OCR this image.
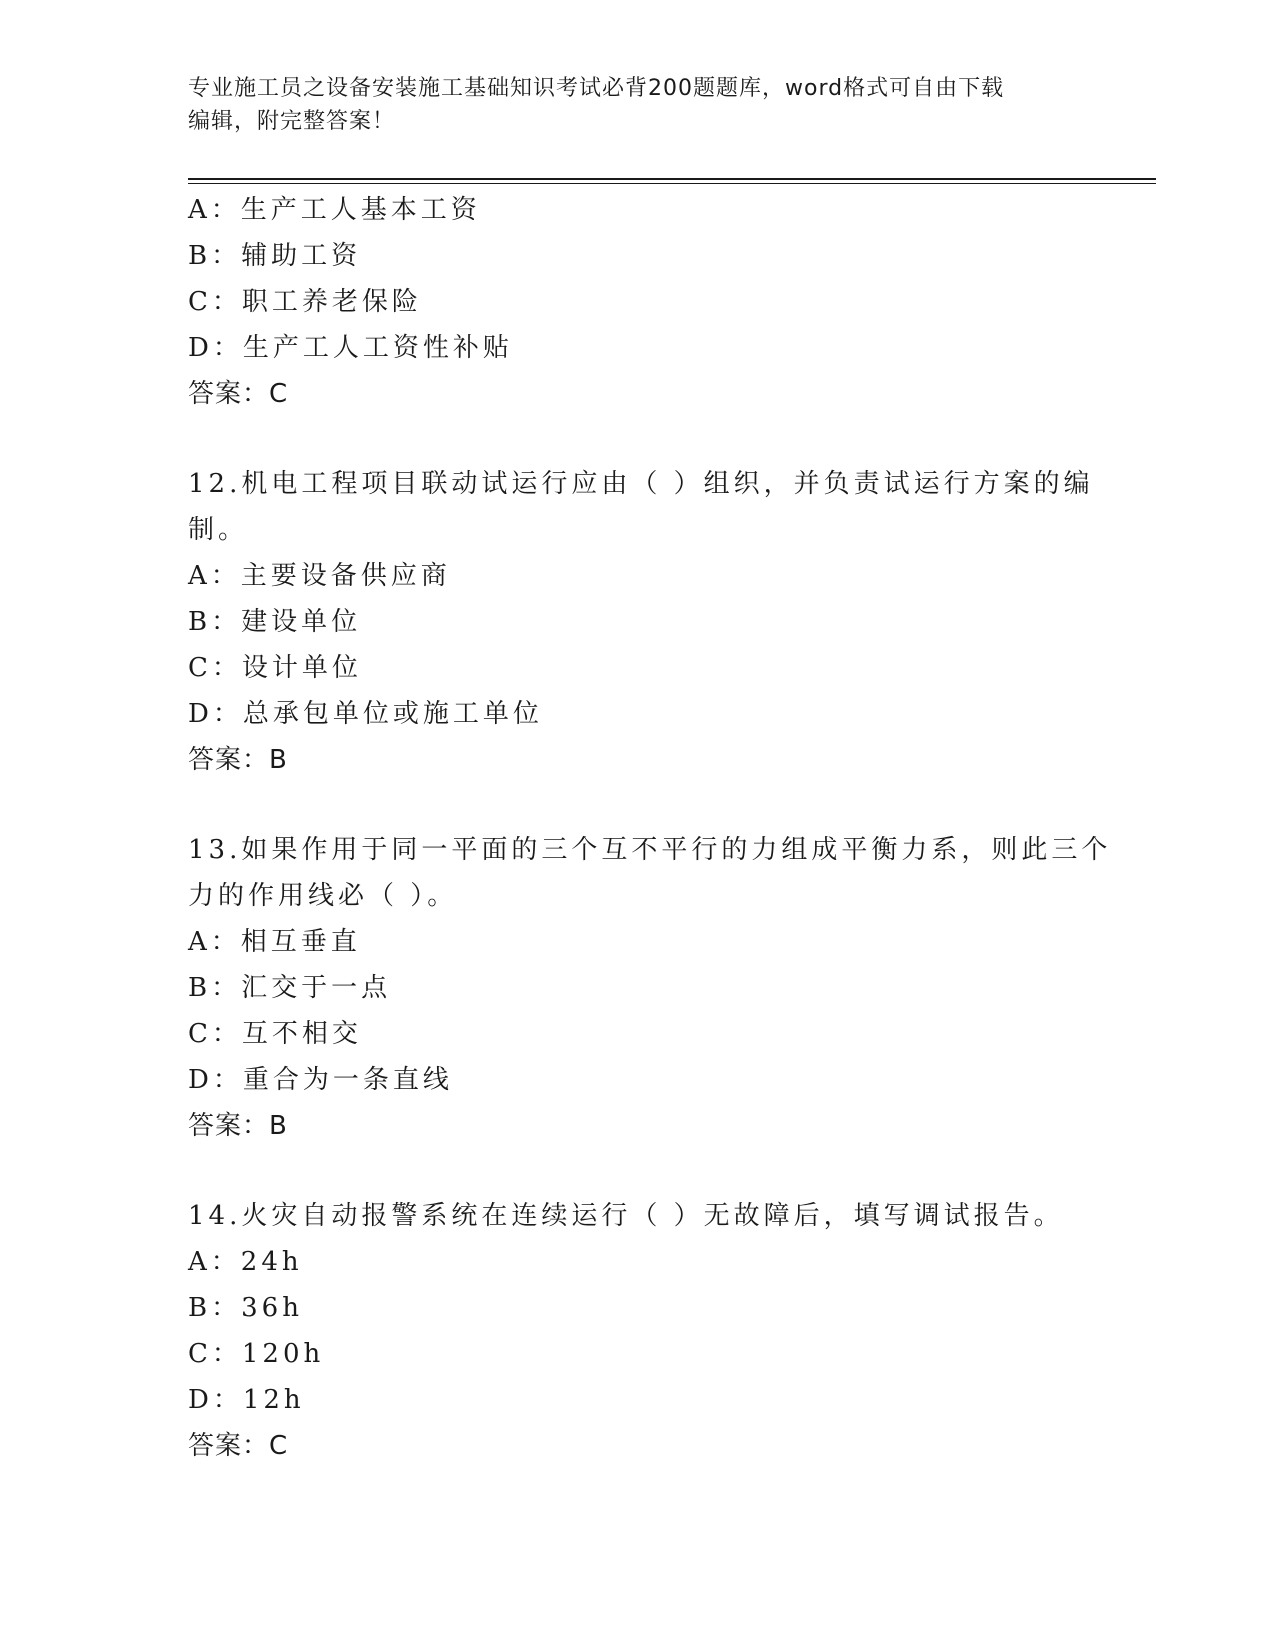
专业施工员之设备安装施工基础知识考试必背200题题库，word格式可自由下载
编辑，附完整答案！
A：生产工人基本工资
B：辅助工资
C：职工养老保险
D：生产工人工资性补贴
答案：C
12.机电工程项目联动试运行应由（ ）组织，并负责试运行方案的编
制。
A：主要设备供应商
B：建设单位
C：设计单位
D：总承包单位或施工单位
答案：B
13.如果作用于同一平面的三个互不平行的力组成平衡力系，则此三个
力的作用线必（ ）。
A：相互垂直
B：汇交于一点
C：互不相交
D：重合为一条直线
答案：B
14.火灾自动报警系统在连续运行（ ）无故障后，填写调试报告。
A：24h
B：36h
C：120h
D：12h
答案：C
